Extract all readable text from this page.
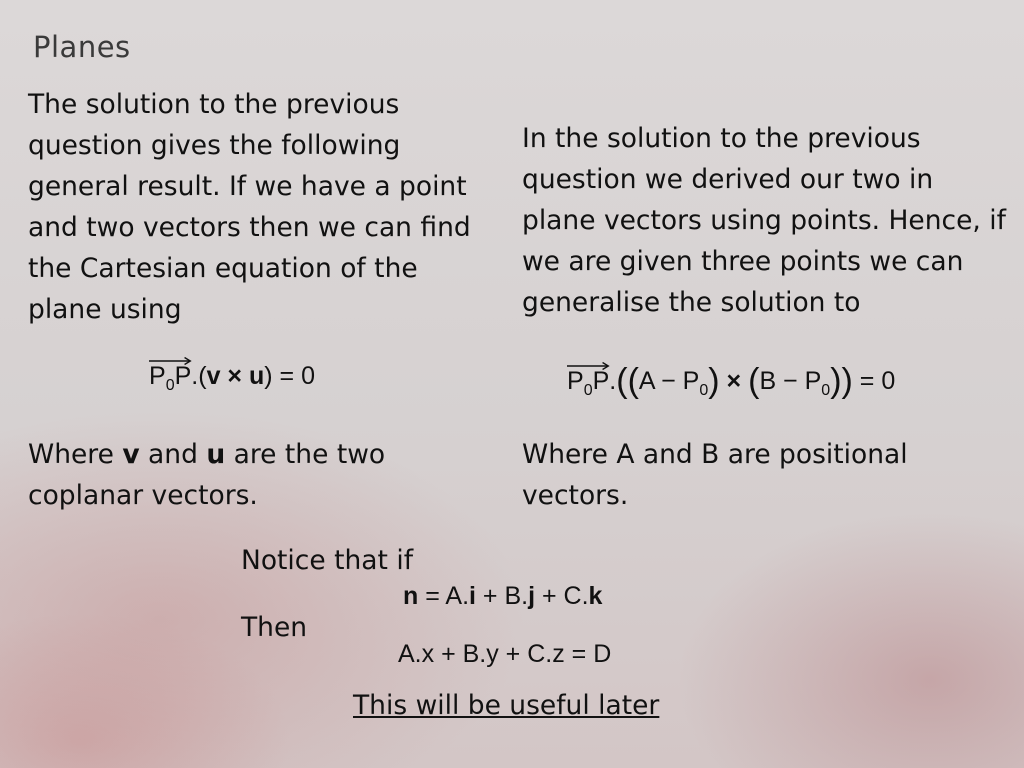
Planes
The solution to the previous question gives the following general result. If we have a point and two vectors then we can find the Cartesian equation of the plane using
In the solution to the previous question we derived our two in plane vectors using points. Hence, if we are given three points we can generalise the solution to
$P_0P.(v \times u) = 0$	$P_0P.((A - P_0) \times (B - P_0)) = 0$
Where v and u are the two coplanar vectors.
Where A and B are positional vectors.
Notice that if
n = A.i + B.j + C.k
Then
A.x + B.y + C.z = D
This will be useful later
